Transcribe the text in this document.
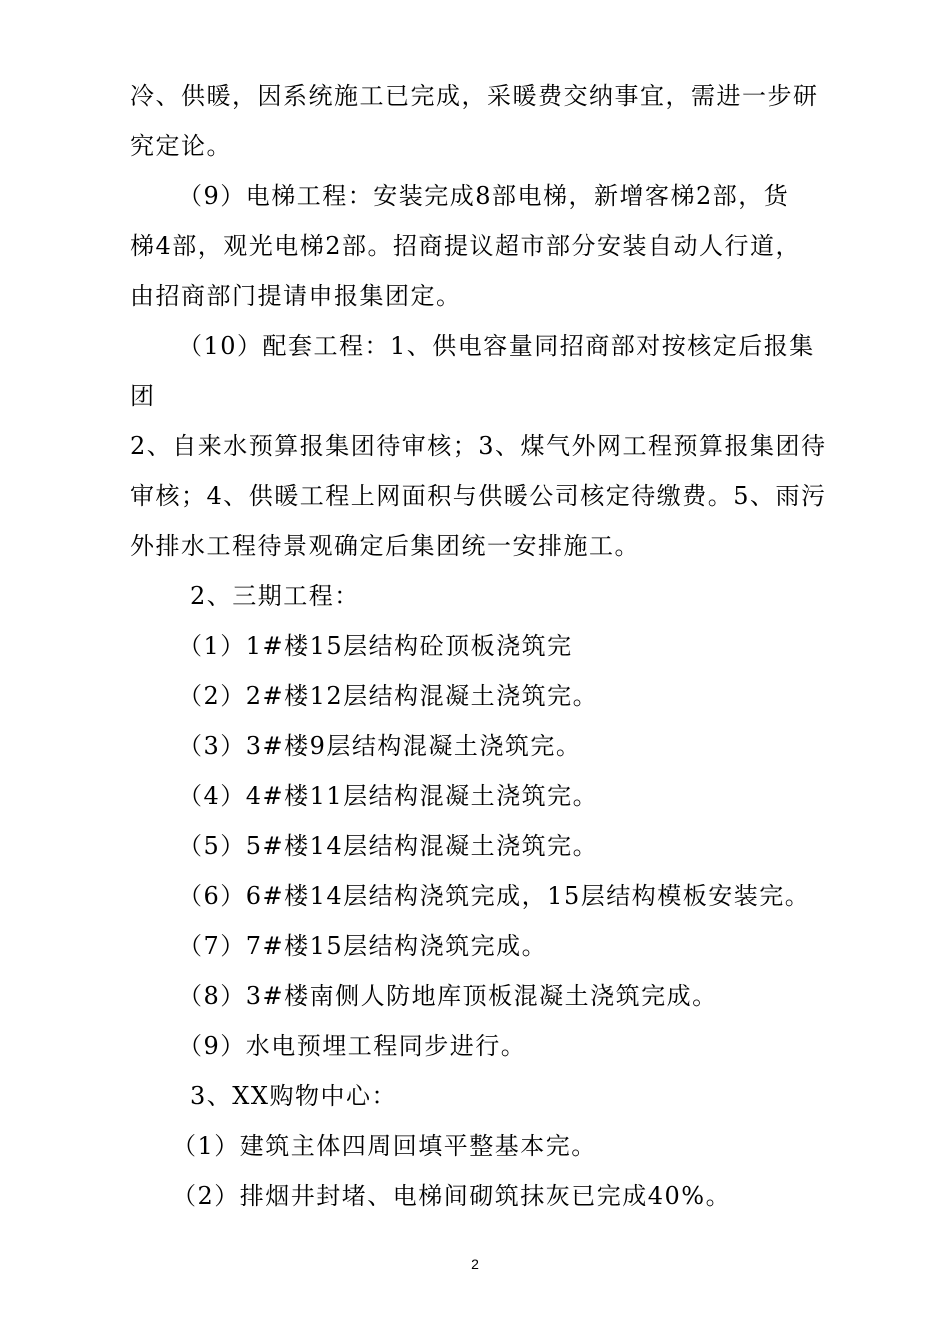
冷、供暖，因系统施工已完成，采暖费交纳事宜，需进一步研
究定论。
（9）电梯工程：安装完成8部电梯，新增客梯2部，货
梯4部，观光电梯2部。招商提议超市部分安装自动人行道，
由招商部门提请申报集团定。
（10）配套工程：1、供电容量同招商部对按核定后报集
团
2、自来水预算报集团待审核；3、煤气外网工程预算报集团待
审核；4、供暖工程上网面积与供暖公司核定待缴费。5、雨污
外排水工程待景观确定后集团统一安排施工。
2、三期工程：
（1）1#楼15层结构砼顶板浇筑完
（2）2#楼12层结构混凝土浇筑完。
（3）3#楼9层结构混凝土浇筑完。
（4）4#楼11层结构混凝土浇筑完。
（5）5#楼14层结构混凝土浇筑完。
（6）6#楼14层结构浇筑完成，15层结构模板安装完。
（7）7#楼15层结构浇筑完成。
（8）3#楼南侧人防地库顶板混凝土浇筑完成。
（9）水电预埋工程同步进行。
3、XX购物中心：
（1）建筑主体四周回填平整基本完。
（2）排烟井封堵、电梯间砌筑抹灰已完成40%。
2
